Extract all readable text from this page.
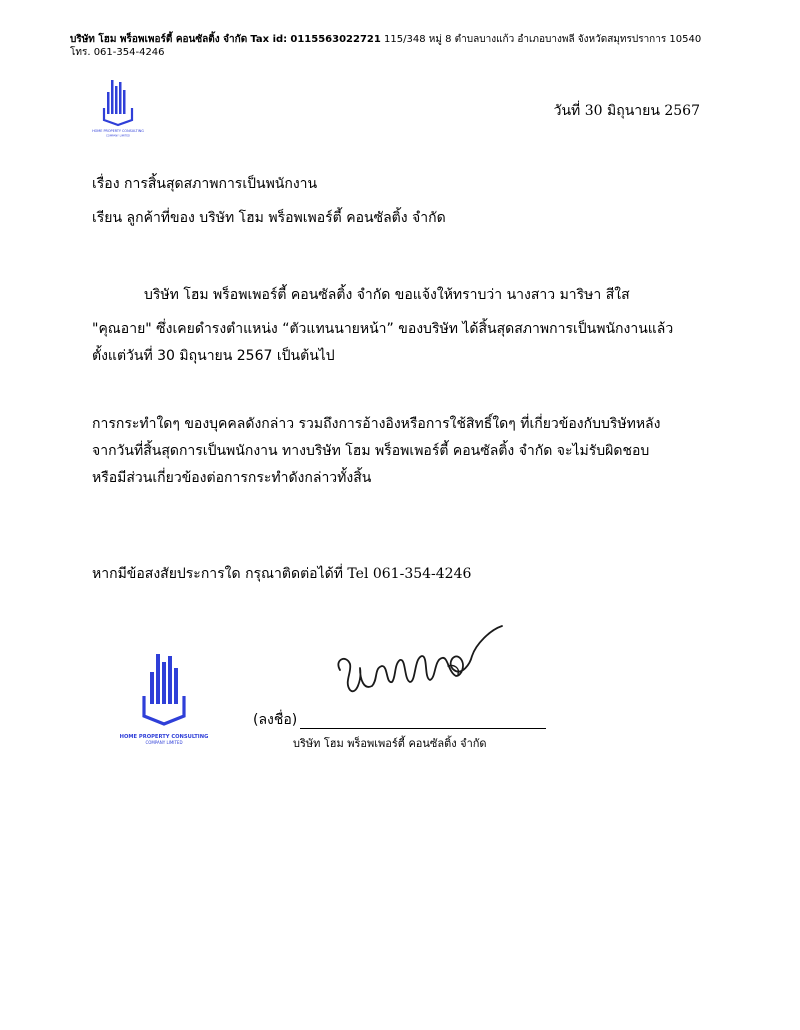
บริษัท โฮม พร็อพเพอร์ตี้ คอนซัลติ้ง จำกัด Tax id: 0115563022721 115/348 หมู่ 8 ตำบลบางแก้ว อำเภอบางพลี จังหวัดสมุทรปราการ 10540
โทร. 061-354-4246
HOME PROPERTY CONSULTING
COMPANY LIMITED
วันที่ 30 มิถุนายน 2567
เรื่อง การสิ้นสุดสภาพการเป็นพนักงาน
เรียน ลูกค้าที่ของ บริษัท โฮม พร็อพเพอร์ตี้ คอนซัลติ้ง จำกัด
บริษัท โฮม พร็อพเพอร์ตี้ คอนซัลติ้ง จำกัด ขอแจ้งให้ทราบว่า นางสาว มาริษา สีใส
"คุณอาย" ซึ่งเคยดำรงตำแหน่ง “ตัวแทนนายหน้า” ของบริษัท ได้สิ้นสุดสภาพการเป็นพนักงานแล้ว
ตั้งแต่วันที่ 30 มิถุนายน 2567 เป็นต้นไป
การกระทำใดๆ ของบุคคลดังกล่าว รวมถึงการอ้างอิงหรือการใช้สิทธิ์ใดๆ ที่เกี่ยวข้องกับบริษัทหลัง
จากวันที่สิ้นสุดการเป็นพนักงาน ทางบริษัท โฮม พร็อพเพอร์ตี้ คอนซัลติ้ง จำกัด จะไม่รับผิดชอบ
หรือมีส่วนเกี่ยวข้องต่อการกระทำดังกล่าวทั้งสิ้น
หากมีข้อสงสัยประการใด กรุณาติดต่อได้ที่ Tel 061-354-4246
HOME PROPERTY CONSULTING
COMPANY LIMITED
(ลงชื่อ)
บริษัท โฮม พร็อพเพอร์ตี้ คอนซัลติ้ง จำกัด
